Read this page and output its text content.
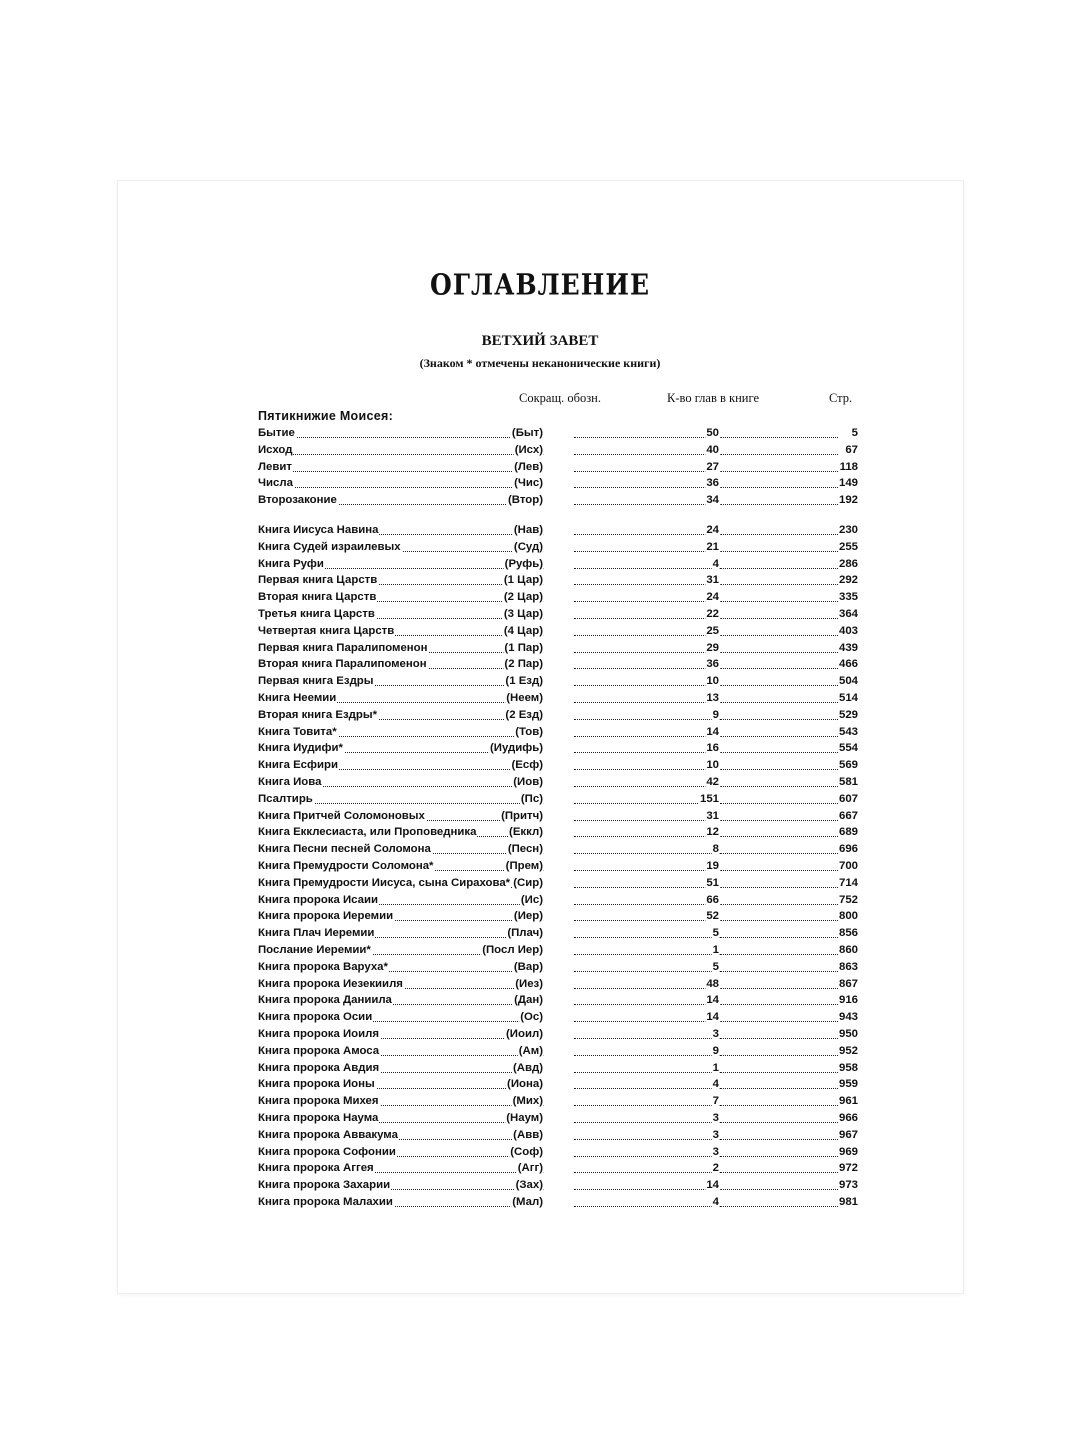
ОГЛАВЛЕНИЕ
ВЕТХИЙ ЗАВЕТ
(Знаком * отмечены неканонические книги)
Сокращ. обозн.	К-во глав в книге	Стр.
Пятикнижие Моисея:
Бытие	(Быт)	50	5
Исход	(Исх)	40	67
Левит	(Лев)	27	118
Числа	(Чис)	36	149
Второзаконие	(Втор)	34	192
Книга Иисуса Навина	(Нав)	24	230
Книга Судей израилевых	(Суд)	21	255
Книга Руфи	(Руфь)	4	286
Первая книга Царств	(1 Цар)	31	292
Вторая книга Царств	(2 Цар)	24	335
Третья книга Царств	(3 Цар)	22	364
Четвертая книга Царств	(4 Цар)	25	403
Первая книга Паралипоменон	(1 Пар)	29	439
Вторая книга Паралипоменон	(2 Пар)	36	466
Первая книга Ездры	(1 Езд)	10	504
Книга Неемии	(Неем)	13	514
Вторая книга Ездры*	(2 Езд)	9	529
Книга Товита*	(Тов)	14	543
Книга Иудифи*	(Иудифь)	16	554
Книга Есфири	(Есф)	10	569
Книга Иова	(Иов)	42	581
Псалтирь	(Пс)	151	607
Книга Притчей Соломоновых	(Притч)	31	667
Книга Екклесиаста, или Проповедника	(Еккл)	12	689
Книга Песни песней Соломона	(Песн)	8	696
Книга Премудрости Соломона*	(Прем)	19	700
Книга Премудрости Иисуса, сына Сирахова* (Сир)	51	714
Книга пророка Исаии	(Ис)	66	752
Книга пророка Иеремии	(Иер)	52	800
Книга Плач Иеремии	(Плач)	5	856
Послание Иеремии*	(Посл Иер)	1	860
Книга пророка Варуха*	(Вар)	5	863
Книга пророка Иезекииля	(Иез)	48	867
Книга пророка Даниила	(Дан)	14	916
Книга пророка Осии	(Ос)	14	943
Книга пророка Иоиля	(Иоил)	3	950
Книга пророка Амоса	(Ам)	9	952
Книга пророка Авдия	(Авд)	1	958
Книга пророка Ионы	(Иона)	4	959
Книга пророка Михея	(Мих)	7	961
Книга пророка Наума	(Наум)	3	966
Книга пророка Аввакума	(Авв)	3	967
Книга пророка Софонии	(Соф)	3	969
Книга пророка Аггея	(Агг)	2	972
Книга пророка Захарии	(Зах)	14	973
Книга пророка Малахии	(Мал)	4	981
